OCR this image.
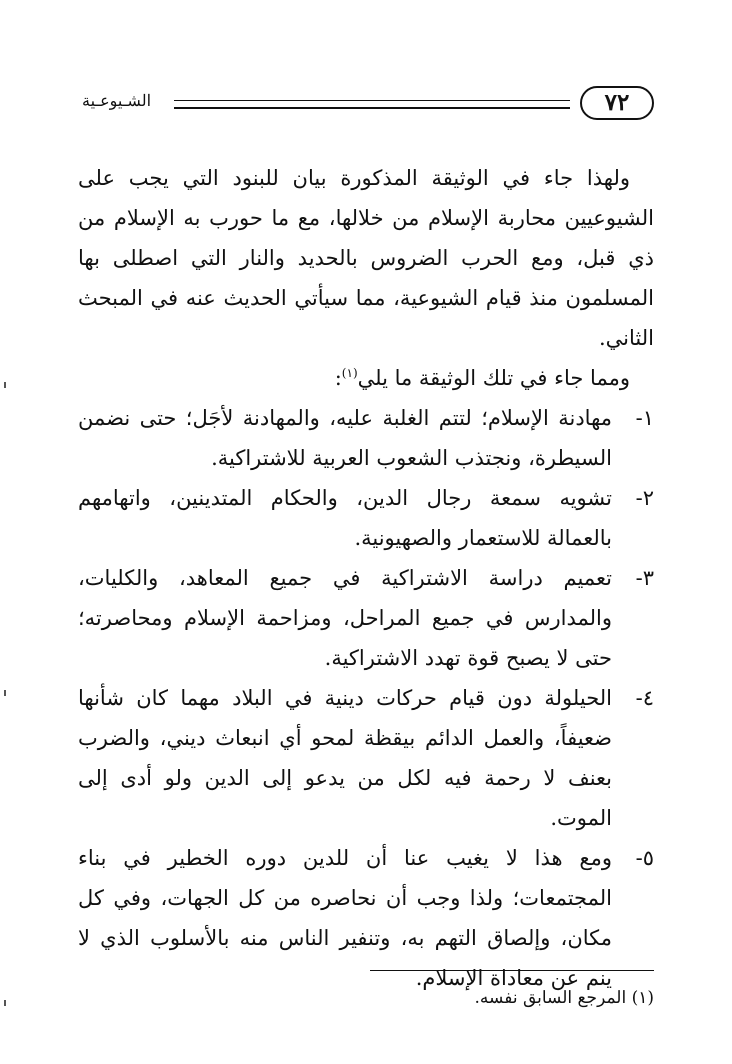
٧٢
الشـيوعـية

ولهذا جاء في الوثيقة المذكورة بيان للبنود التي يجب على الشيوعيين محاربة الإسلام من خلالها، مع ما حورب به الإسلام من ذي قبل، ومع الحرب الضروس بالحديد والنار التي اصطلى بها المسلمون منذ قيام الشيوعية، مما سيأتي الحديث عنه في المبحث الثاني.

ومما جاء في تلك الوثيقة ما يلي$^{(١)}$:

١-
مهادنة الإسلام؛ لتتم الغلبة عليه، والمهادنة لأجَل؛ حتى نضمن السيطرة، ونجتذب الشعوب العربية للاشتراكية.
٢-
تشويه سمعة رجال الدين، والحكام المتدينين، واتهامهم بالعمالة للاستعمار والصهيونية.
٣-
تعميم دراسة الاشتراكية في جميع المعاهد، والكليات، والمدارس في جميع المراحل، ومزاحمة الإسلام ومحاصرته؛ حتى لا يصبح قوة تهدد الاشتراكية.
٤-
الحيلولة دون قيام حركات دينية في البلاد مهما كان شأنها ضعيفاً، والعمل الدائم بيقظة لمحو أي انبعاث ديني، والضرب بعنف لا رحمة فيه لكل من يدعو إلى الدين ولو أدى إلى الموت.
٥-
ومع هذا لا يغيب عنا أن للدين دوره الخطير في بناء المجتمعات؛ ولذا وجب أن نحاصره من كل الجهات، وفي كل مكان، وإلصاق التهم به، وتنفير الناس منه بالأسلوب الذي لا ينم عن معاداة الإسلام.
(١) المرجع السابق نفسه.
